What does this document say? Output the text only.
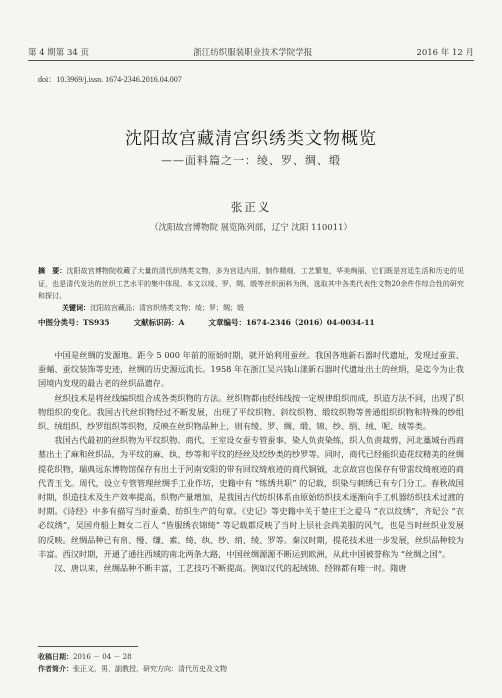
第 4 期第 34 页	浙江纺织服装职业技术学院学报	2016 年 12 月
doi：10.3969/j.issn. 1674-2346.2016.04.007
沈阳故宫藏清宫织绣类文物概览
——面料篇之一：绫、罗、绸、缎
张正义
（沈阳故宫博物院 展览陈列部，辽宁 沈阳 110011）
摘　要：沈阳故宫博物院收藏了大量的清代织绣类文物，多为宫廷内用，制作精细，工艺繁复，华美绚丽，它们既是宫廷生活和历史的见证，也是清代发达的丝织工艺水平的集中体现。本文以绫、罗、绸、缎等丝织面料为例，选取其中各类代表性文物20余件作综合性的研究和探讨。
关键词：沈阳故宫藏品；清宫织绣类文物；绫；罗；绸；缎
中图分类号：TS935	文献标识码：A	文章编号：1674-2346（2016）04-0034-11

中国是丝绸的发源地。距今 5 000 年前的原始时期，就开始利用蚕丝。我国各地新石器时代遗址，发现过蚕茧、蚕蛹、蚕纹装饰等史迹，丝绸的历史源远流长。1958 年在浙江吴兴钱山漾新石器时代遗址出土的丝绢，是迄今为止我国境内发现的最古老的丝织品遗存。

丝织技术是将丝线编织组合成各类织物的方法。丝织物都由经纬线按一定规律组织而成，织造方法不同，出现了织物组织的变化。我国古代丝织物经过不断发展，出现了平纹织物、斜纹织物、缎纹织物等普通组织织物和特殊的纱组织、绒组织、纱罗组织等织物，反映在丝织物品种上，则有绫、罗、绸、缎、锦、纱、绢、绒、呢、绒等类。

我国古代最初的丝织物为平纹织物。商代，王室设女蚕专管蚕事，染人负责染练，织人负责裁剪，河北藁城台西商墓出土了麻和丝织品，为平纹的麻、纨、纱等和平纹的经丝及绞纱类的纱罗等。同时，商代已经能织造花纹精美的丝绸提花织物，瑞典远东博物馆保存有出土于河南安阳的带有回纹绮痕迹的商代铜钺，北京故宫也保存有带雷纹绮痕迹的商代青玉戈。周代，设立专管管理丝绸手工业作坊，史籍中有 “练绣共职” 的记载，织染与刺绣已有专门分工。春秋战国时期，织造技术及生产效率提高，织物产量增加，是我国古代纺织体系由原始纺织技术逐渐向手工机器纺织技术过渡的时期。《诗经》中多有描写当时蚕桑、纺织生产的句章。《史记》等史籍中关于楚庄王之爱马 “衣以纹绣”，齐妃公 “衣必纹绣”，吴国舟船上舞女二百人 “皆服绣衣锦绮” 等记载都反映了当时上层社会尚美服的风气，也是当时丝织业发展的反映。丝绸品种已有帛、缦、缣、素、绮、纨、纱、绡、绫、罗等。秦汉时期，提花技术进一步发展，丝织品种较为丰富。西汉时期，开通了通往西域的南北两条大路，中国丝绸源源不断运到欧洲，从此中国被誉称为 “丝绸之国”。

汉、唐以来，丝绸品种不断丰富，工艺技巧不断提高。例如汉代的起绒锦、经锦都有唯一时。隋唐

收稿日期：2016 － 04 － 28
作者简介：张正义，男，副教授，研究方向：清代历史及文物
